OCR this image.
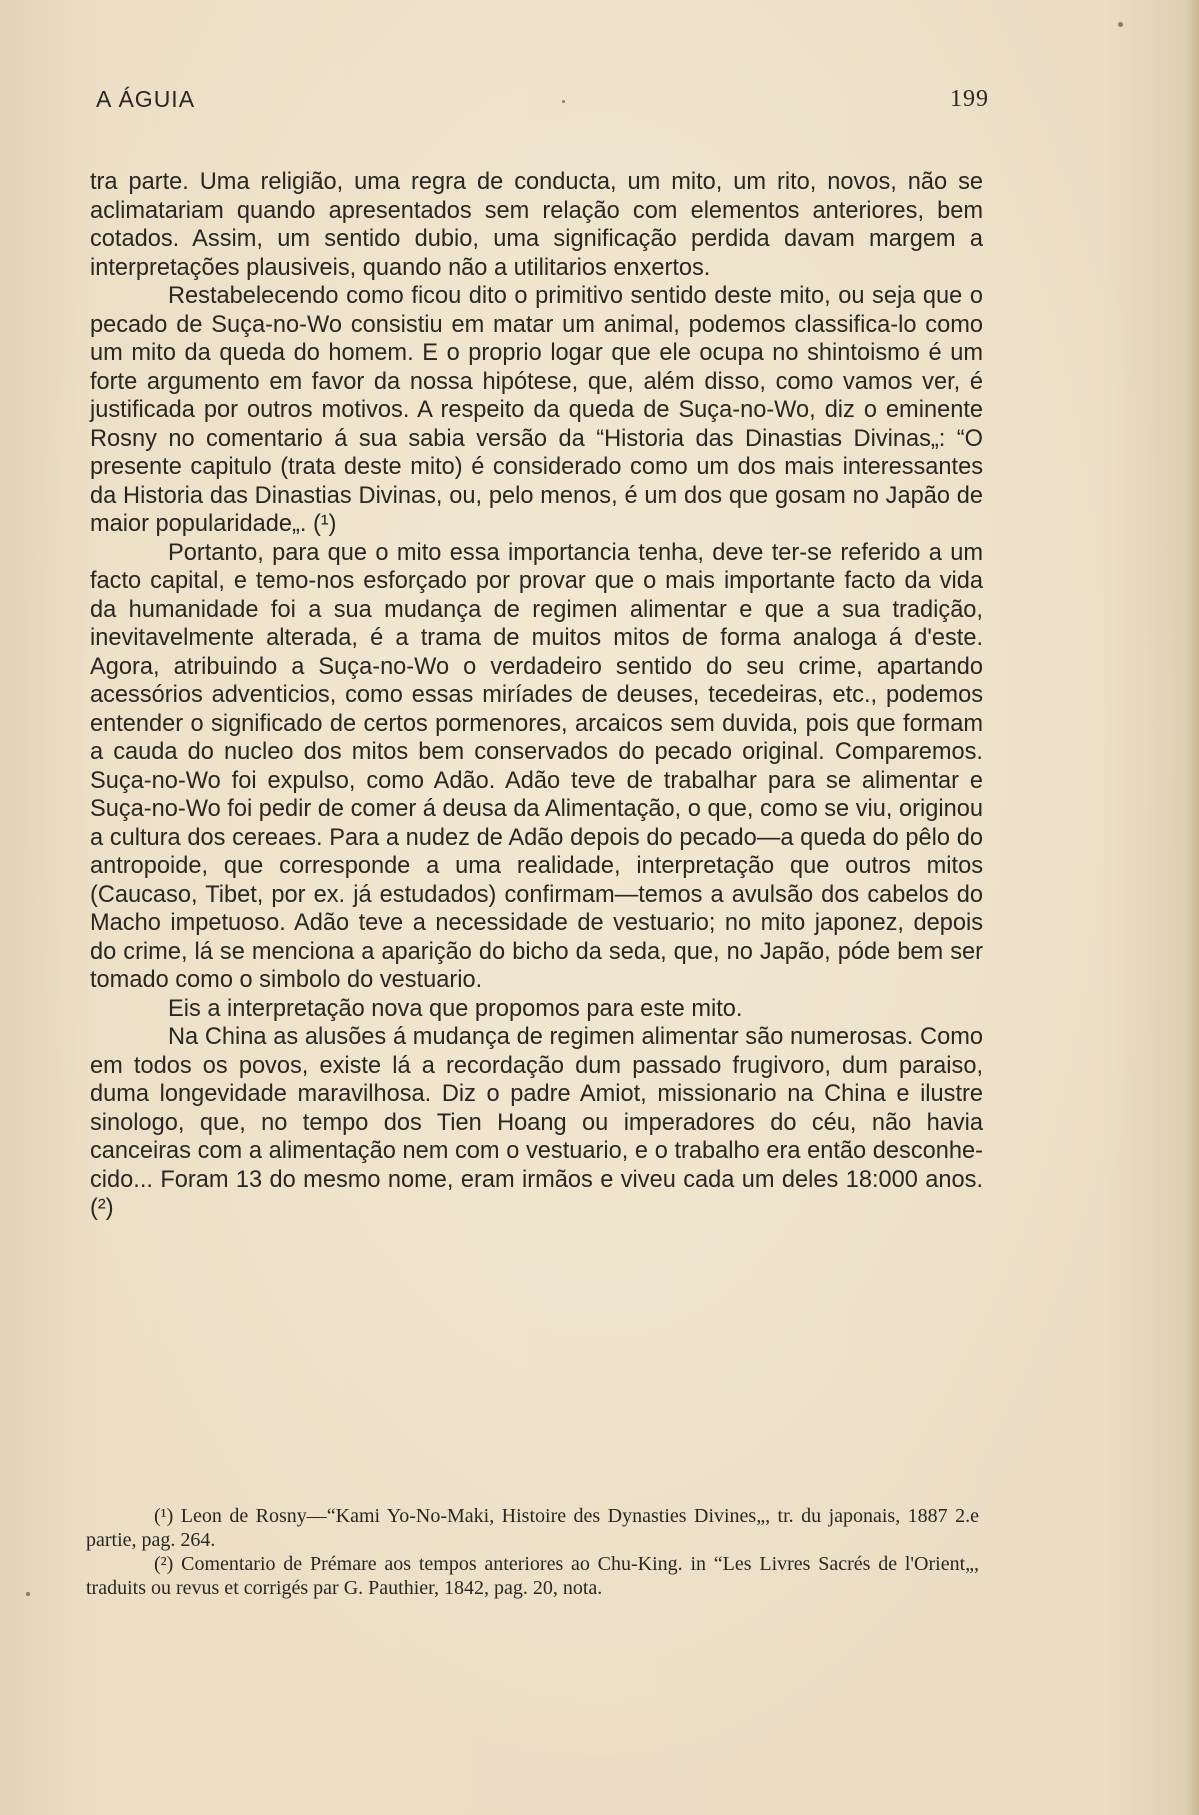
A ÁGUIA	199

tra parte. Uma religião, uma regra de conducta, um mito, um rito, novos, não se aclimatariam quando apresentados sem relação com elementos anteriores, bem cotados. Assim, um sentido dubio, uma significação perdida davam margem a interpretações plausiveis, quando não a utilitarios enxertos.

Restabelecendo como ficou dito o primitivo sentido deste mito, ou seja que o pecado de Suça-no-Wo consistiu em matar um animal, podemos classifica-lo como um mito da queda do homem. E o proprio logar que ele ocupa no shintoismo é um forte argumento em favor da nossa hipótese, que, além disso, como vamos ver, é justificada por outros motivos. A respeito da queda de Suça-no-Wo, diz o eminente Rosny no comentario á sua sabia versão da “Historia das Dinastias Divinas„: “O presente capitulo (trata deste mito) é considerado como um dos mais interessantes da Historia das Dinastias Divinas, ou, pelo menos, é um dos que gosam no Japão de maior popularidade„. (¹)

Portanto, para que o mito essa importancia tenha, deve ter-se referido a um facto capital, e temo-nos esforçado por provar que o mais importante facto da vida da humanidade foi a sua mudança de regimen alimentar e que a sua tradição, inevitavelmente alterada, é a trama de muitos mitos de forma analoga á d'este. Agora, atribuindo a Suça-no-Wo o verdadeiro sentido do seu crime, apartando acessórios adventicios, como essas miríades de deuses, tecedeiras, etc., podemos entender o significado de certos pormenores, arcaicos sem duvida, pois que formam a cauda do nucleo dos mitos bem conservados do pecado original. Comparemos. Suça-no-Wo foi expulso, como Adão. Adão teve de trabalhar para se alimentar e Suça-no-Wo foi pedir de comer á deusa da Alimentação, o que, como se viu, originou a cultura dos cereaes. Para a nudez de Adão depois do pecado—a queda do pêlo do antropoide, que corresponde a uma realidade, interpretação que outros mitos (Caucaso, Tibet, por ex. já estudados) confirmam—temos a avulsão dos cabelos do Macho impetuoso. Adão teve a necessidade de vestuario; no mito japonez, depois do crime, lá se menciona a aparição do bicho da seda, que, no Japão, póde bem ser tomado como o simbolo do vestuario.

Eis a interpretação nova que propomos para este mito.

Na China as alusões á mudança de regimen alimentar são numerosas. Como em todos os povos, existe lá a recordação dum passado frugivoro, dum paraiso, duma longevidade maravilhosa. Diz o padre Amiot, missionario na China e ilustre sinologo, que, no tempo dos Tien Hoang ou imperadores do céu, não havia canceiras com a alimentação nem com o vestuario, e o trabalho era então desconhecido... Foram 13 do mesmo nome, eram irmãos e viveu cada um deles 18:000 anos. (²)

(¹) Leon de Rosny—“Kami Yo-No-Maki, Histoire des Dynasties Divines„, tr. du japonais, 1887 2.e partie, pag. 264.

(²) Comentario de Prémare aos tempos anteriores ao Chu-King. in “Les Livres Sacrés de l'Orient„, traduits ou revus et corrigés par G. Pauthier, 1842, pag. 20, nota.
